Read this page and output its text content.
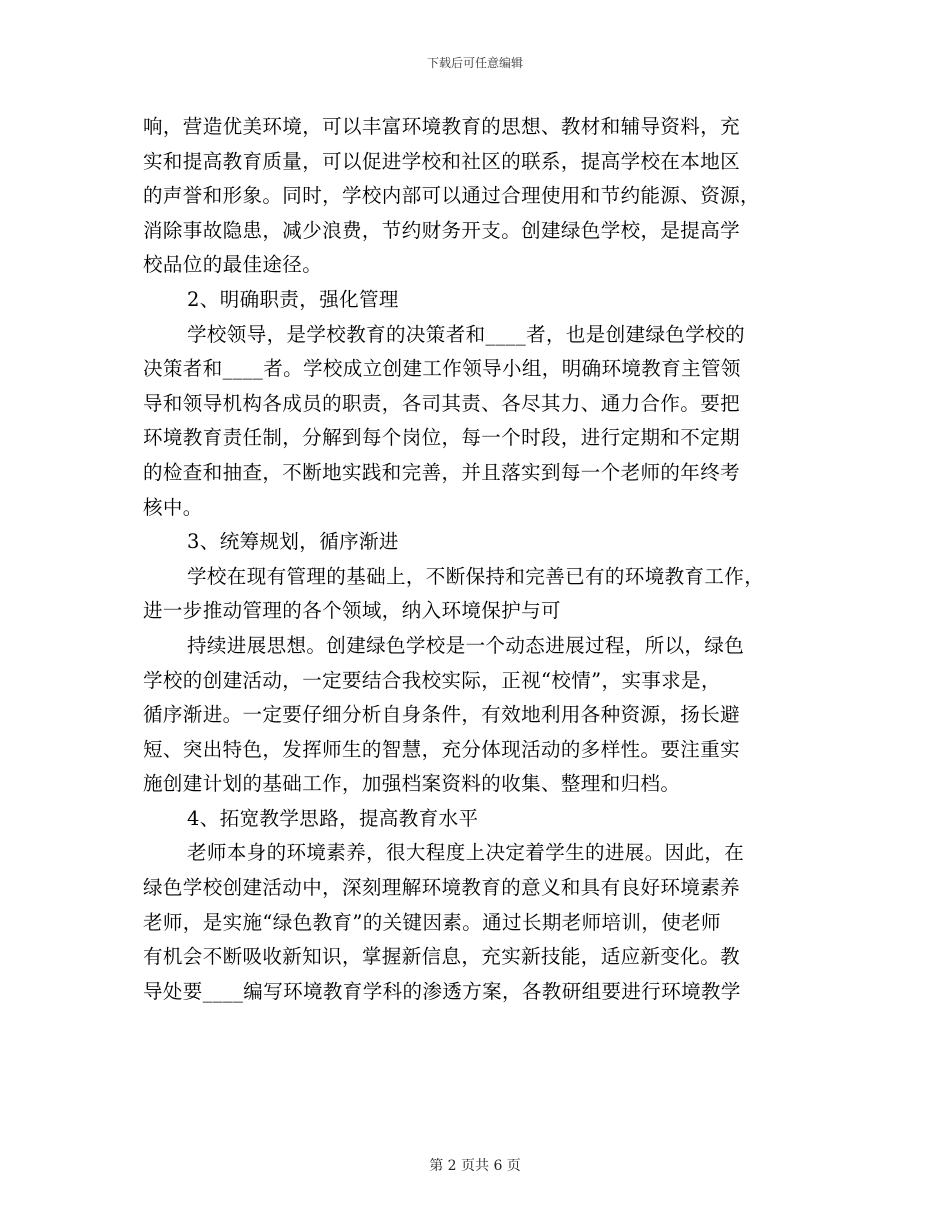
下载后可任意编辑
响，营造优美环境，可以丰富环境教育的思想、教材和辅导资料，充
实和提高教育质量，可以促进学校和社区的联系，提高学校在本地区
的声誉和形象。同时，学校内部可以通过合理使用和节约能源、资源，
消除事故隐患，减少浪费，节约财务开支。创建绿色学校，是提高学
校品位的最佳途径。
2、明确职责，强化管理
学校领导，是学校教育的决策者和____者，也是创建绿色学校的
决策者和____者。学校成立创建工作领导小组，明确环境教育主管领
导和领导机构各成员的职责，各司其责、各尽其力、通力合作。要把
环境教育责任制，分解到每个岗位，每一个时段，进行定期和不定期
的检查和抽查，不断地实践和完善，并且落实到每一个老师的年终考
核中。
3、统筹规划，循序渐进
学校在现有管理的基础上，不断保持和完善已有的环境教育工作，
进一步推动管理的各个领域，纳入环境保护与可
持续进展思想。创建绿色学校是一个动态进展过程，所以，绿色
学校的创建活动，一定要结合我校实际，正视“校情”，实事求是，
循序渐进。一定要仔细分析自身条件，有效地利用各种资源，扬长避
短、突出特色，发挥师生的智慧，充分体现活动的多样性。要注重实
施创建计划的基础工作，加强档案资料的收集、整理和归档。
4、拓宽教学思路，提高教育水平
老师本身的环境素养，很大程度上决定着学生的进展。因此，在
绿色学校创建活动中，深刻理解环境教育的意义和具有良好环境素养
老师，是实施“绿色教育”的关键因素。通过长期老师培训，使老师
有机会不断吸收新知识，掌握新信息，充实新技能，适应新变化。教
导处要____编写环境教育学科的渗透方案，各教研组要进行环境教学
第 2 页共 6 页
